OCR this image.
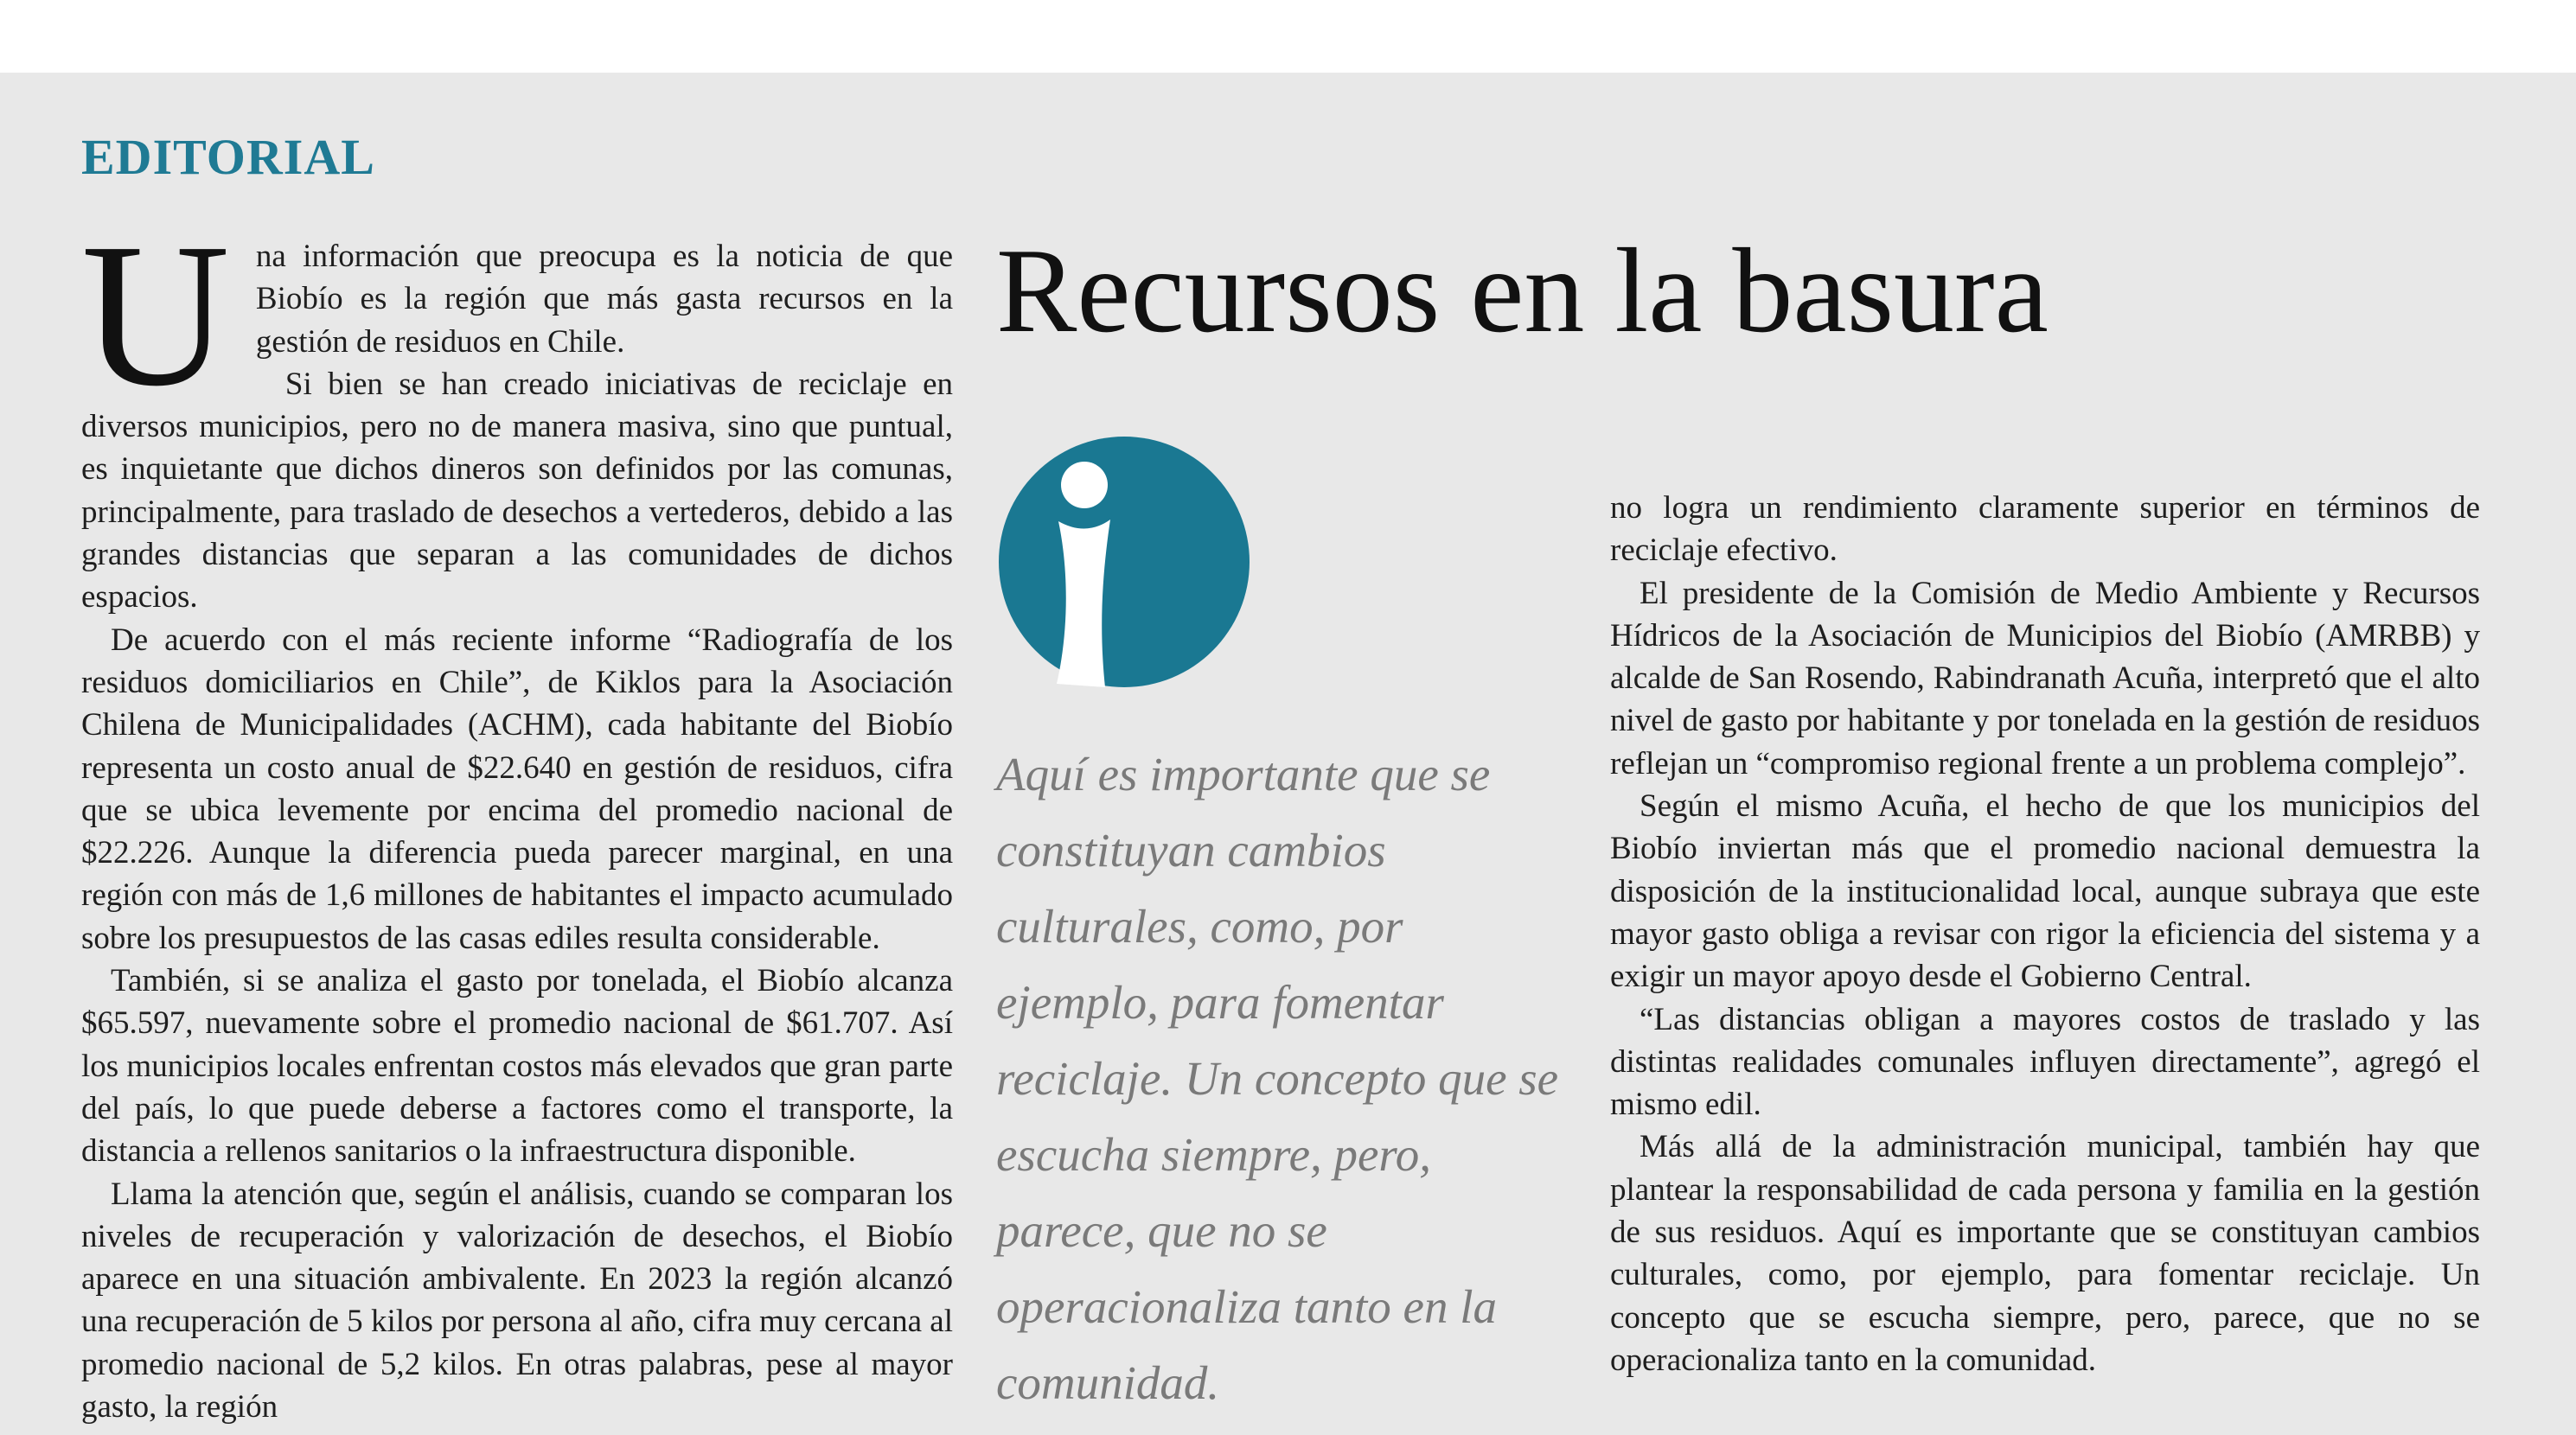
EDITORIAL

Una información que preocupa es la noticia de que Biobío es la región que más gasta recursos en la gestión de residuos en Chile.

Si bien se han creado iniciativas de reciclaje en diversos municipios, pero no de manera masiva, sino que puntual, es inquietante que dichos dineros son definidos por las comunas, principalmente, para traslado de desechos a vertederos, debido a las grandes distancias que separan a las comunidades de dichos espacios.

De acuerdo con el más reciente informe “Radiografía de los residuos domiciliarios en Chile”, de Kiklos para la Asociación Chilena de Municipalidades (ACHM), cada habitante del Biobío representa un costo anual de $22.640 en gestión de residuos, cifra que se ubica levemente por encima del promedio nacional de $22.226. Aunque la diferencia pueda parecer marginal, en una región con más de 1,6 millones de habitantes el impacto acumulado sobre los presupuestos de las casas ediles resulta considerable.

También, si se analiza el gasto por tonelada, el Biobío alcanza $65.597, nuevamente sobre el promedio nacional de $61.707. Así los municipios locales enfrentan costos más elevados que gran parte del país, lo que puede deberse a factores como el transporte, la distancia a rellenos sanitarios o la infraestructura disponible.

Llama la atención que, según el análisis, cuando se comparan los niveles de recuperación y valorización de desechos, el Biobío aparece en una situación ambivalente. En 2023 la región alcanzó una recuperación de 5 kilos por persona al año, cifra muy cercana al promedio nacional de 5,2 kilos. En otras palabras, pese al mayor gasto, la región

Recursos en la basura

Aquí es importante que se constituyan cambios culturales, como, por ejemplo, para fomentar reciclaje. Un concepto que se escucha siempre, pero, parece, que no se operacionaliza tanto en la comunidad.

no logra un rendimiento claramente superior en términos de reciclaje efectivo.

El presidente de la Comisión de Medio Ambiente y Recursos Hídricos de la Asociación de Municipios del Biobío (AMRBB) y alcalde de San Rosendo, Rabindranath Acuña, interpretó que el alto nivel de gasto por habitante y por tonelada en la gestión de residuos reflejan un “compromiso regional frente a un problema complejo”.

Según el mismo Acuña, el hecho de que los municipios del Biobío inviertan más que el promedio nacional demuestra la disposición de la institucionalidad local, aunque subraya que este mayor gasto obliga a revisar con rigor la eficiencia del sistema y a exigir un mayor apoyo desde el Gobierno Central.

“Las distancias obligan a mayores costos de traslado y las distintas realidades comunales influyen directamente”, agregó el mismo edil.

Más allá de la administración municipal, también hay que plantear la responsabilidad de cada persona y familia en la gestión de sus residuos. Aquí es importante que se constituyan cambios culturales, como, por ejemplo, para fomentar reciclaje. Un concepto que se escucha siempre, pero, parece, que no se operacionaliza tanto en la comunidad.
